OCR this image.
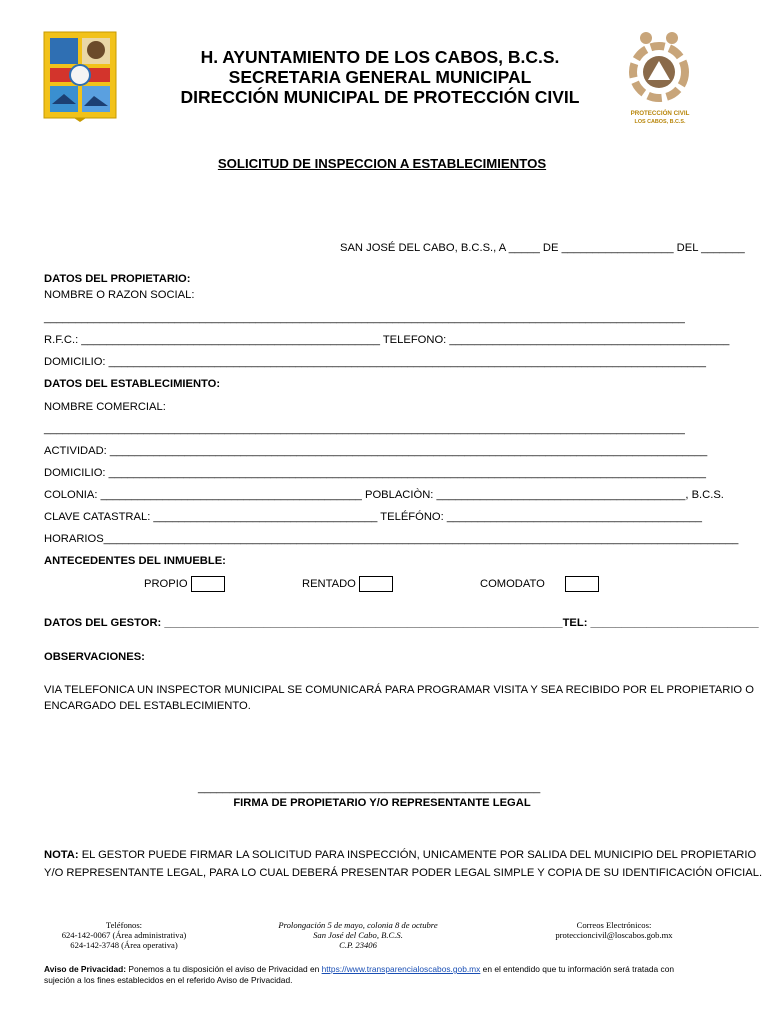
H. AYUNTAMIENTO DE LOS CABOS, B.C.S.
SECRETARIA GENERAL MUNICIPAL
DIRECCIÓN MUNICIPAL DE PROTECCIÓN CIVIL
PROTECCIÓN CIVIL
LOS CABOS, B.C.S.
SOLICITUD DE INSPECCION A ESTABLECIMIENTOS
SAN JOSÉ DEL CABO, B.C.S., A _____ DE __________________ DEL _______
DATOS DEL PROPIETARIO:
NOMBRE O RAZON SOCIAL:
_______________________________________________________________________________________________________
R.F.C.: ________________________________________________ TELEFONO: _____________________________________________
DOMICILIO: ________________________________________________________________________________________________
DATOS DEL ESTABLECIMIENTO:
NOMBRE COMERCIAL:
_______________________________________________________________________________________________________
ACTIVIDAD: ________________________________________________________________________________________________
DOMICILIO: ________________________________________________________________________________________________
COLONIA: __________________________________________ POBLACIÒN: ________________________________________, B.C.S.
CLAVE CATASTRAL: ____________________________________ TELÉFÓNO: _________________________________________
HORARIOS______________________________________________________________________________________________________
ANTECEDENTES DEL INMUEBLE:
PROPIO	RENTADO	COMODATO
DATOS DEL GESTOR: ________________________________________________________________TEL: ___________________________
OBSERVACIONES:
VIA TELEFONICA UN INSPECTOR MUNICIPAL SE COMUNICARÁ PARA PROGRAMAR VISITA Y SEA RECIBIDO POR EL PROPIETARIO O
ENCARGADO DEL ESTABLECIMIENTO.
_______________________________________________________
FIRMA DE PROPIETARIO Y/O REPRESENTANTE LEGAL
NOTA: EL GESTOR PUEDE FIRMAR LA SOLICITUD PARA INSPECCIÓN, UNICAMENTE POR SALIDA DEL MUNICIPIO DEL PROPIETARIO
Y/O REPRESENTANTE LEGAL, PARA LO CUAL DEBERÁ PRESENTAR PODER LEGAL SIMPLE Y COPIA DE SU IDENTIFICACIÓN OFICIAL.
Teléfonos:
624-142-0067 (Área administrativa)
624-142-3748 (Área operativa)
Prolongación 5 de mayo, colonia 8 de octubre
San José del Cabo, B.C.S.
C.P. 23406
Correos Electrónicos:
proteccioncivil@loscabos.gob.mx
Aviso de Privacidad: Ponemos a tu disposición el aviso de Privacidad en https://www.transparencialoscabos.gob.mx en el entendido que tu información será tratada con
sujeción a los fines establecidos en el referido Aviso de Privacidad.
